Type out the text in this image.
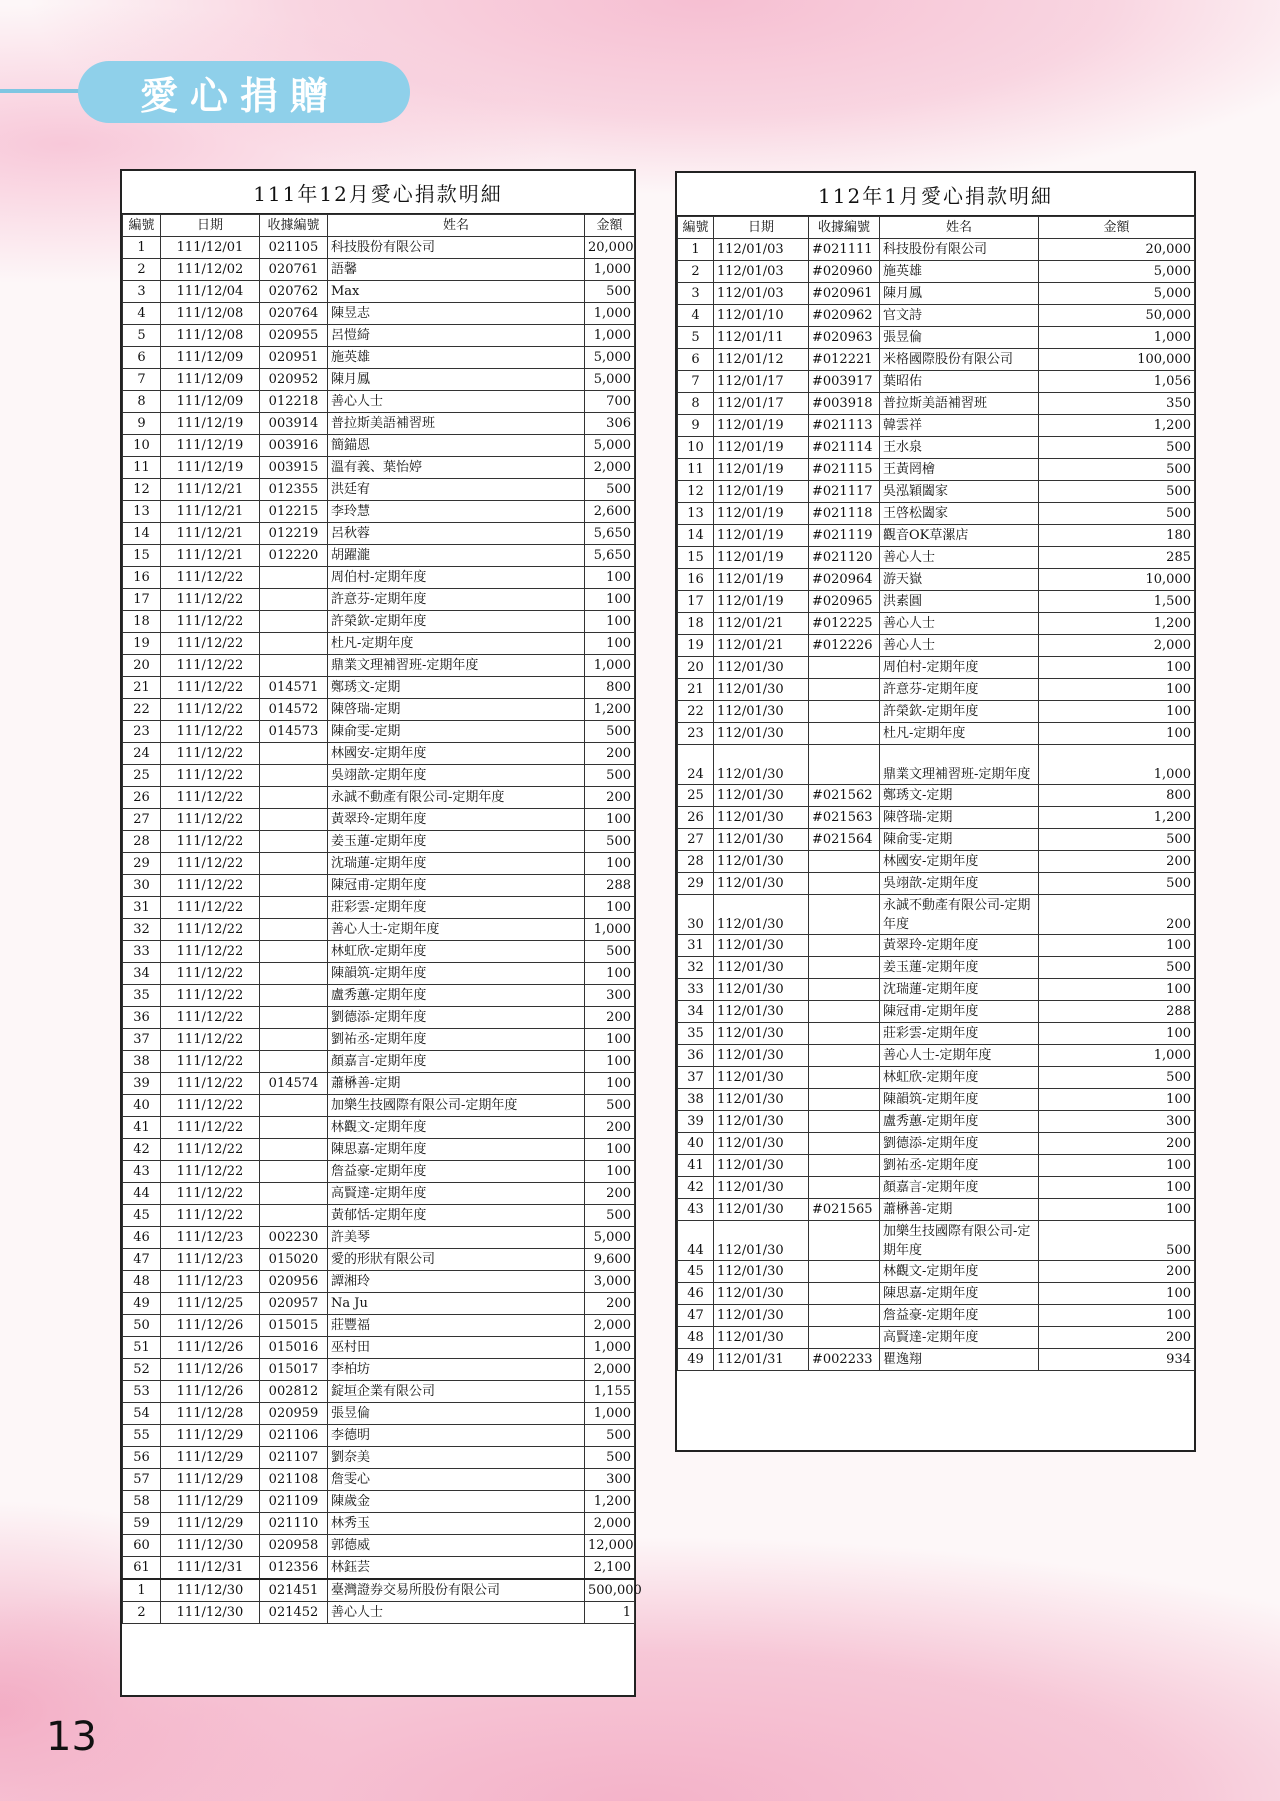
愛心捐贈
111年12月愛心捐款明細
編號	日期	收據編號	姓名	金額
1	111/12/01	021105	科技股份有限公司	20,000
2	111/12/02	020761	語馨	1,000
3	111/12/04	020762	Max	500
4	111/12/08	020764	陳昱志	1,000
5	111/12/08	020955	呂愷綺	1,000
6	111/12/09	020951	施英雄	5,000
7	111/12/09	020952	陳月鳳	5,000
8	111/12/09	012218	善心人士	700
9	111/12/19	003914	普拉斯美語補習班	306
10	111/12/19	003916	簡錨恩	5,000
11	111/12/19	003915	溫有義、葉怡婷	2,000
12	111/12/21	012355	洪廷宥	500
13	111/12/21	012215	李玲慧	2,600
14	111/12/21	012219	呂秋蓉	5,650
15	111/12/21	012220	胡躍瀧	5,650
16	111/12/22		周伯村-定期年度	100
17	111/12/22		許意芬-定期年度	100
18	111/12/22		許榮欽-定期年度	100
19	111/12/22		杜凡-定期年度	100
20	111/12/22		鼎業文理補習班-定期年度	1,000
21	111/12/22	014571	鄭琇文-定期	800
22	111/12/22	014572	陳啓瑞-定期	1,200
23	111/12/22	014573	陳俞雯-定期	500
24	111/12/22		林國安-定期年度	200
25	111/12/22		吳翊歆-定期年度	500
26	111/12/22		永誠不動產有限公司-定期年度	200
27	111/12/22		黃翠玲-定期年度	100
28	111/12/22		姜玉蓮-定期年度	500
29	111/12/22		沈瑞蓮-定期年度	100
30	111/12/22		陳冠甫-定期年度	288
31	111/12/22		莊彩雲-定期年度	100
32	111/12/22		善心人士-定期年度	1,000
33	111/12/22		林虹欣-定期年度	500
34	111/12/22		陳韻筑-定期年度	100
35	111/12/22		盧秀蕙-定期年度	300
36	111/12/22		劉德添-定期年度	200
37	111/12/22		劉祐丞-定期年度	100
38	111/12/22		顏嘉言-定期年度	100
39	111/12/22	014574	蕭楙善-定期	100
40	111/12/22		加樂生技國際有限公司-定期年度	500
41	111/12/22		林觀文-定期年度	200
42	111/12/22		陳思嘉-定期年度	100
43	111/12/22		詹益豪-定期年度	100
44	111/12/22		高賢達-定期年度	200
45	111/12/22		黃郁恬-定期年度	500
46	111/12/23	002230	許美琴	5,000
47	111/12/23	015020	愛的形狀有限公司	9,600
48	111/12/23	020956	譚湘玲	3,000
49	111/12/25	020957	Na Ju	200
50	111/12/26	015015	莊豐福	2,000
51	111/12/26	015016	巫村田	1,000
52	111/12/26	015017	李柏坊	2,000
53	111/12/26	002812	錠垣企業有限公司	1,155
54	111/12/28	020959	張昱倫	1,000
55	111/12/29	021106	李德明	500
56	111/12/29	021107	劉奈美	500
57	111/12/29	021108	詹雯心	300
58	111/12/29	021109	陳歲金	1,200
59	111/12/29	021110	林秀玉	2,000
60	111/12/30	020958	郭德威	12,000
61	111/12/31	012356	林鈺芸	2,100
1	111/12/30	021451	臺灣證券交易所股份有限公司	500,000
2	111/12/30	021452	善心人士	1
112年1月愛心捐款明細
編號	日期	收據編號	姓名	金額
1	112/01/03	#021111	科技股份有限公司	20,000
2	112/01/03	#020960	施英雄	5,000
3	112/01/03	#020961	陳月鳳	5,000
4	112/01/10	#020962	官文詩	50,000
5	112/01/11	#020963	張昱倫	1,000
6	112/01/12	#012221	米格國際股份有限公司	100,000
7	112/01/17	#003917	葉昭佑	1,056
8	112/01/17	#003918	普拉斯美語補習班	350
9	112/01/19	#021113	韓雲祥	1,200
10	112/01/19	#021114	王水泉	500
11	112/01/19	#021115	王黃罔檜	500
12	112/01/19	#021117	吳泓穎闔家	500
13	112/01/19	#021118	王啓松闔家	500
14	112/01/19	#021119	觀音OK草漯店	180
15	112/01/19	#021120	善心人士	285
16	112/01/19	#020964	游天嶽	10,000
17	112/01/19	#020965	洪素圓	1,500
18	112/01/21	#012225	善心人士	1,200
19	112/01/21	#012226	善心人士	2,000
20	112/01/30		周伯村-定期年度	100
21	112/01/30		許意芬-定期年度	100
22	112/01/30		許榮欽-定期年度	100
23	112/01/30		杜凡-定期年度	100
24	112/01/30		鼎業文理補習班-定期年度	1,000
25	112/01/30	#021562	鄭琇文-定期	800
26	112/01/30	#021563	陳啓瑞-定期	1,200
27	112/01/30	#021564	陳俞雯-定期	500
28	112/01/30		林國安-定期年度	200
29	112/01/30		吳翊歆-定期年度	500
30	112/01/30		永誠不動產有限公司-定期年度	200
31	112/01/30		黃翠玲-定期年度	100
32	112/01/30		姜玉蓮-定期年度	500
33	112/01/30		沈瑞蓮-定期年度	100
34	112/01/30		陳冠甫-定期年度	288
35	112/01/30		莊彩雲-定期年度	100
36	112/01/30		善心人士-定期年度	1,000
37	112/01/30		林虹欣-定期年度	500
38	112/01/30		陳韻筑-定期年度	100
39	112/01/30		盧秀蕙-定期年度	300
40	112/01/30		劉德添-定期年度	200
41	112/01/30		劉祐丞-定期年度	100
42	112/01/30		顏嘉言-定期年度	100
43	112/01/30	#021565	蕭楙善-定期	100
44	112/01/30		加樂生技國際有限公司-定期年度	500
45	112/01/30		林觀文-定期年度	200
46	112/01/30		陳思嘉-定期年度	100
47	112/01/30		詹益豪-定期年度	100
48	112/01/30		高賢達-定期年度	200
49	112/01/31	#002233	瞿逸翔	934
13
